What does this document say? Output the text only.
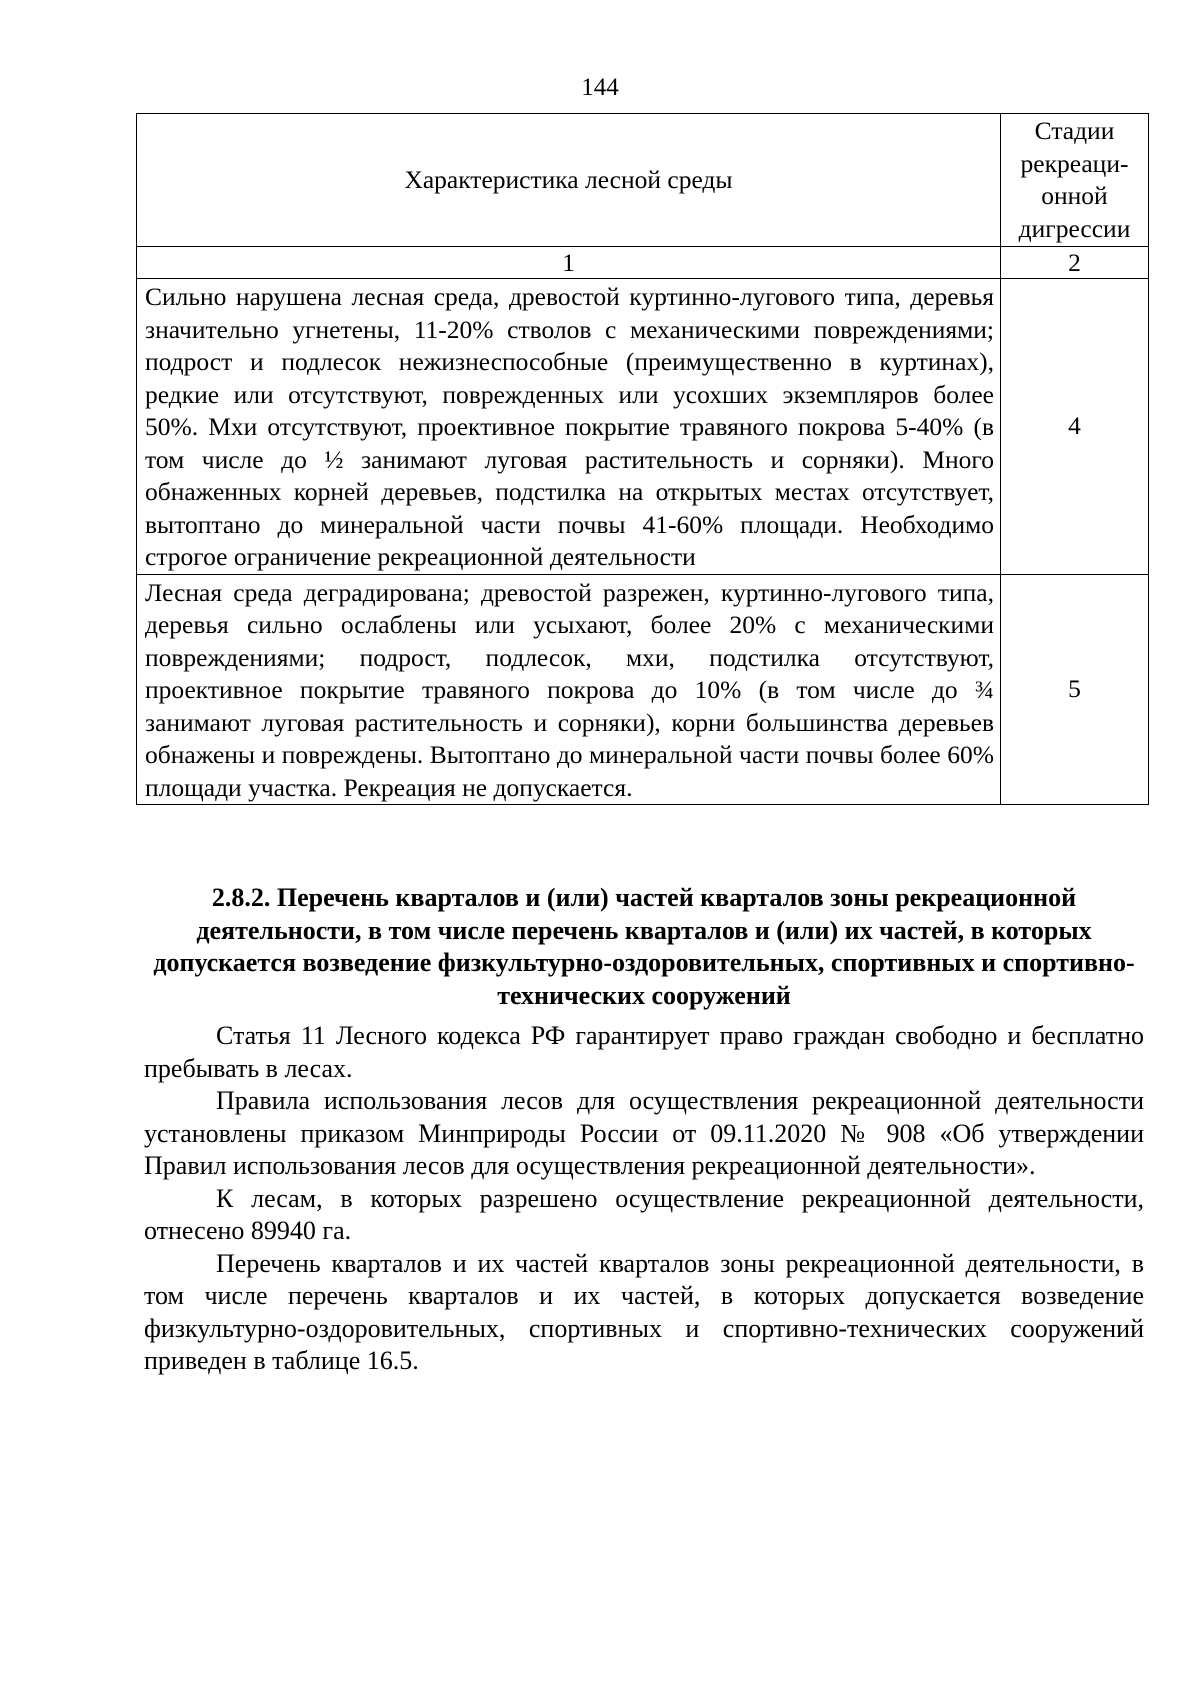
144
Характеристика лесной среды	Стадии рекреационной дигрессии
1	2
Сильно нарушена лесная среда, древостой куртинно-лугового типа, деревья значительно угнетены, 11-20% стволов с механическими повреждениями; подрост и подлесок нежизнеспособные (преимущественно в куртинах), редкие или отсутствуют, поврежденных или усохших экземпляров более 50%. Мхи отсутствуют, проективное покрытие травяного покрова 5-40% (в том числе до ½ занимают луговая растительность и сорняки). Много обнаженных корней деревьев, подстилка на открытых местах отсутствует, вытоптано до минеральной части почвы 41-60% площади. Необходимо строгое ограничение рекреационной деятельности	4
Лесная среда деградирована; древостой разрежен, куртинно-лугового типа, деревья сильно ослаблены или усыхают, более 20% с механическими повреждениями; подрост, подлесок, мхи, подстилка отсутствуют, проективное покрытие травяного покрова до 10% (в том числе до ¾ занимают луговая растительность и сорняки), корни большинства деревьев обнажены и повреждены. Вытоптано до минеральной части почвы более 60% площади участка. Рекреация не допускается.	5
2.8.2. Перечень кварталов и (или) частей кварталов зоны рекреационной деятельности, в том числе перечень кварталов и (или) их частей, в которых допускается возведение физкультурно-оздоровительных, спортивных и спортивно-технических сооружений

Статья 11 Лесного кодекса РФ гарантирует право граждан свободно и бесплатно пребывать в лесах.

Правила использования лесов для осуществления рекреационной деятельности установлены приказом Минприроды России от 09.11.2020 № 908 «Об утверждении Правил использования лесов для осуществления рекреационной деятельности».

К лесам, в которых разрешено осуществление рекреационной деятельности, отнесено 89940 га.

Перечень кварталов и их частей кварталов зоны рекреационной деятельности, в том числе перечень кварталов и их частей, в которых допускается возведение физкультурно-оздоровительных, спортивных и спортивно-технических сооружений приведен в таблице 16.5.
